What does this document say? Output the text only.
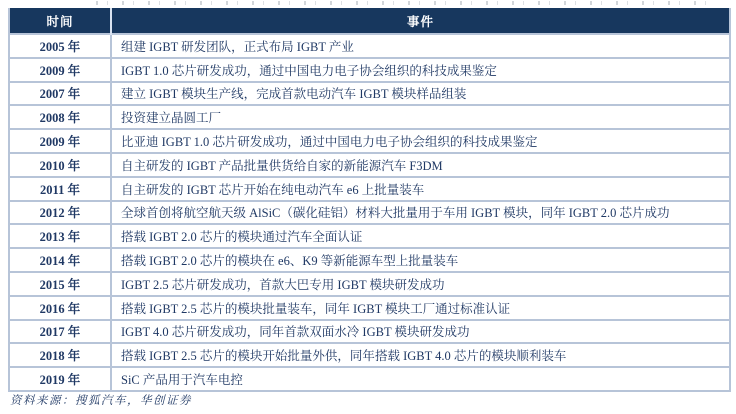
时间	事件
2005 年	组建 IGBT 研发团队，正式布局 IGBT 产业
2009 年	IGBT 1.0 芯片研发成功，通过中国电力电子协会组织的科技成果鉴定
2007 年	建立 IGBT 模块生产线，完成首款电动汽车 IGBT 模块样品组装
2008 年	投资建立晶圆工厂
2009 年	比亚迪 IGBT 1.0 芯片研发成功，通过中国电力电子协会组织的科技成果鉴定
2010 年	自主研发的 IGBT 产品批量供货给自家的新能源汽车 F3DM
2011 年	自主研发的 IGBT 芯片开始在纯电动汽车 e6 上批量装车
2012 年	全球首创将航空航天级 AlSiC（碳化硅铝）材料大批量用于车用 IGBT 模块，同年 IGBT 2.0 芯片成功
2013 年	搭载 IGBT 2.0 芯片的模块通过汽车全面认证
2014 年	搭载 IGBT 2.0 芯片的模块在 e6、K9 等新能源车型上批量装车
2015 年	IGBT 2.5 芯片研发成功，首款大巴专用 IGBT 模块研发成功
2016 年	搭载 IGBT 2.5 芯片的模块批量装车，同年 IGBT 模块工厂通过标准认证
2017 年	IGBT 4.0 芯片研发成功，同年首款双面水冷 IGBT 模块研发成功
2018 年	搭载 IGBT 2.5 芯片的模块开始批量外供，同年搭载 IGBT 4.0 芯片的模块顺利装车
2019 年	SiC 产品用于汽车电控
资料来源：搜狐汽车，华创证券
